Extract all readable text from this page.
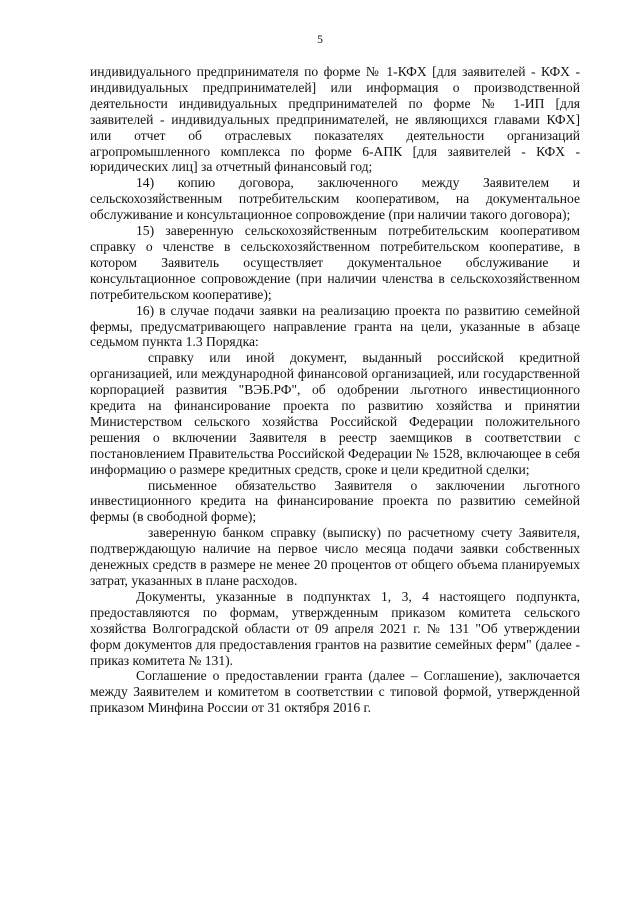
5

индивидуального предпринимателя по форме № 1-КФХ [для заявителей - КФХ - индивидуальных предпринимателей] или информация о производственной деятельности индивидуальных предпринимателей по форме № 1-ИП [для заявителей - индивидуальных предпринимателей, не являющихся главами КФХ] или отчет об отраслевых показателях деятельности организаций агропромышленного комплекса по форме 6-АПК [для заявителей - КФХ - юридических лиц] за отчетный финансовый год;

14) копию договора, заключенного между Заявителем и сельскохозяйственным потребительским кооперативом, на документальное обслуживание и консультационное сопровождение (при наличии такого договора);

15) заверенную сельскохозяйственным потребительским кооперативом справку о членстве в сельскохозяйственном потребительском кооперативе, в котором Заявитель осуществляет документальное обслуживание и консультационное сопровождение (при наличии членства в сельскохозяйственном потребительском кооперативе);

16) в случае подачи заявки на реализацию проекта по развитию семейной фермы, предусматривающего направление гранта на цели, указанные в абзаце седьмом пункта 1.3 Порядка:

справку или иной документ, выданный российской кредитной организацией, или международной финансовой организацией, или государственной корпорацией развития "ВЭБ.РФ", об одобрении льготного инвестиционного кредита на финансирование проекта по развитию хозяйства и принятии Министерством сельского хозяйства Российской Федерации положительного решения о включении Заявителя в реестр заемщиков в соответствии с постановлением Правительства Российской Федерации № 1528, включающее в себя информацию о размере кредитных средств, сроке и цели кредитной сделки;

письменное обязательство Заявителя о заключении льготного инвестиционного кредита на финансирование проекта по развитию семейной фермы (в свободной форме);

заверенную банком справку (выписку) по расчетному счету Заявителя, подтверждающую наличие на первое число месяца подачи заявки собственных денежных средств в размере не менее 20 процентов от общего объема планируемых затрат, указанных в плане расходов.

Документы, указанные в подпунктах 1, 3, 4 настоящего подпункта, предоставляются по формам, утвержденным приказом комитета сельского хозяйства Волгоградской области от 09 апреля 2021 г. № 131 "Об утверждении форм документов для предоставления грантов на развитие семейных ферм" (далее - приказ комитета № 131).

Соглашение о предоставлении гранта (далее – Соглашение), заключается между Заявителем и комитетом в соответствии с типовой формой, утвержденной приказом Минфина России от 31 октября 2016 г.
